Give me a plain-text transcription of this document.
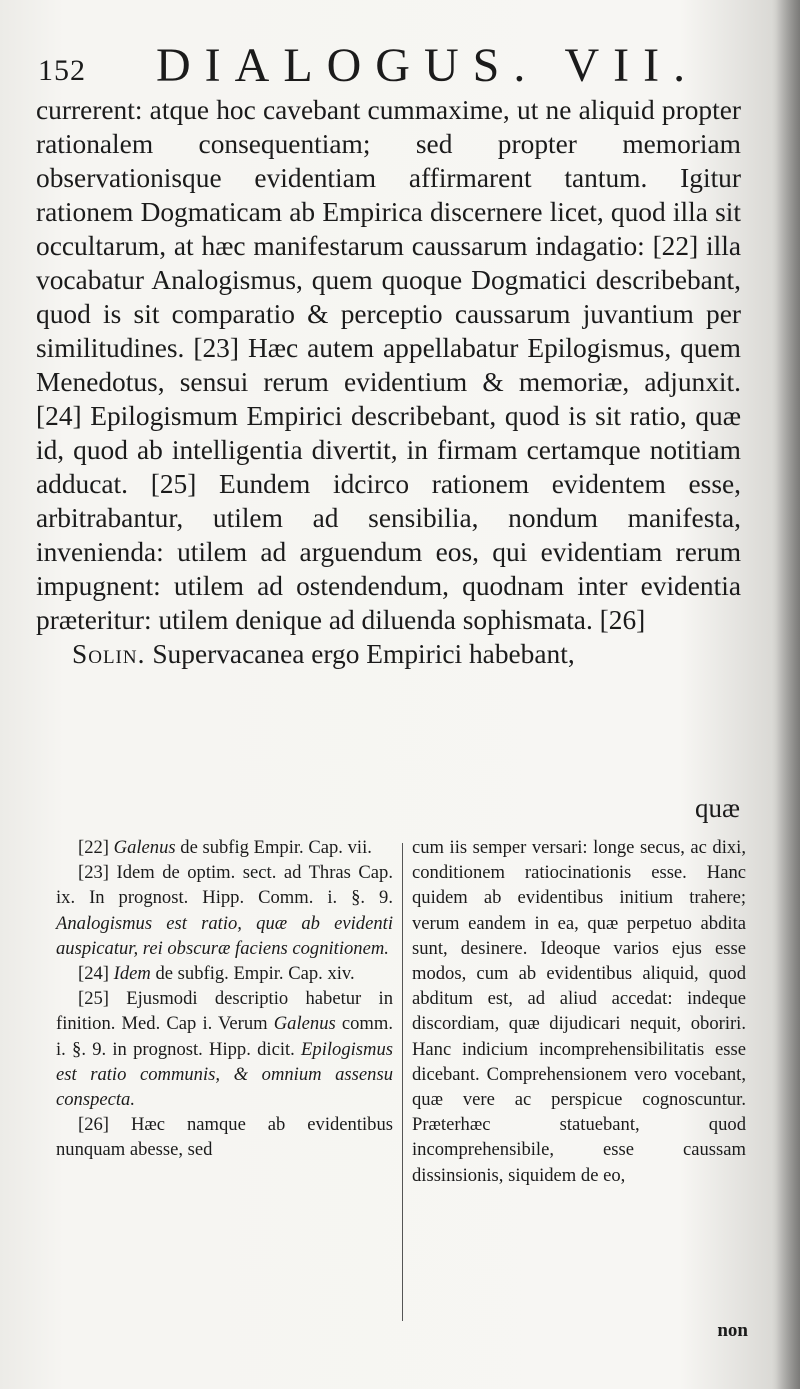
152 DIALOGUS. VII.

currerent: atque hoc cavebant cummaxime, ut ne aliquid propter rationalem consequentiam; sed propter memoriam observationisque evidentiam affirmarent tantum. Igitur rationem Dogmaticam ab Empirica discernere licet, quod illa sit occultarum, at hæc manifestarum caussarum indagatio: [22] illa vocabatur Analogismus, quem quoque Dogmatici describebant, quod is sit comparatio & perceptio caussarum juvantium per similitudines. [23] Hæc autem appellabatur Epilogismus, quem Menedotus, sensui rerum evidentium & memoriæ, adjunxit. [24] Epilogismum Empirici describebant, quod is sit ratio, quæ id, quod ab intelligentia divertit, in firmam certamque notitiam adducat. [25] Eundem idcirco rationem evidentem esse, arbitrabantur, utilem ad sensibilia, nondum manifesta, invenienda: utilem ad arguendum eos, qui evidentiam rerum impugnent: utilem ad ostendendum, quodnam inter evidentia præteritur: utilem denique ad diluenda sophismata. [26]

Solin. Supervacanea ergo Empirici habebant,

quæ

[22] Galenus de subfig Empir. Cap. vii.

[23] Idem de optim. sect. ad Thras Cap. ix. In prognost. Hipp. Comm. i. §. 9. Analogismus est ratio, quæ ab evidenti auspicatur, rei obscuræ faciens cognitionem.

[24] Idem de subfig. Empir. Cap. xiv.

[25] Ejusmodi descriptio habetur in finition. Med. Cap i. Verum Galenus comm. i. §. 9. in prognost. Hipp. dicit. Epilogismus est ratio communis, & omnium assensu conspecta.

[26] Hæc namque ab evidentibus nunquam abesse, sed

cum iis semper versari: longe secus, ac dixi, conditionem ratiocinationis esse. Hanc quidem ab evidentibus initium trahere; verum eandem in ea, quæ perpetuo abdita sunt, desinere. Ideoque varios ejus esse modos, cum ab evidentibus aliquid, quod abditum est, ad aliud accedat: indeque discordiam, quæ dijudicari nequit, oboriri. Hanc indicium incomprehensibilitatis esse dicebant. Comprehensionem vero vocebant, quæ vere ac perspicue cognoscuntur. Præterhæc statuebant, quod incomprehensibile, esse caussam dissinsionis, siquidem de eo,

non
